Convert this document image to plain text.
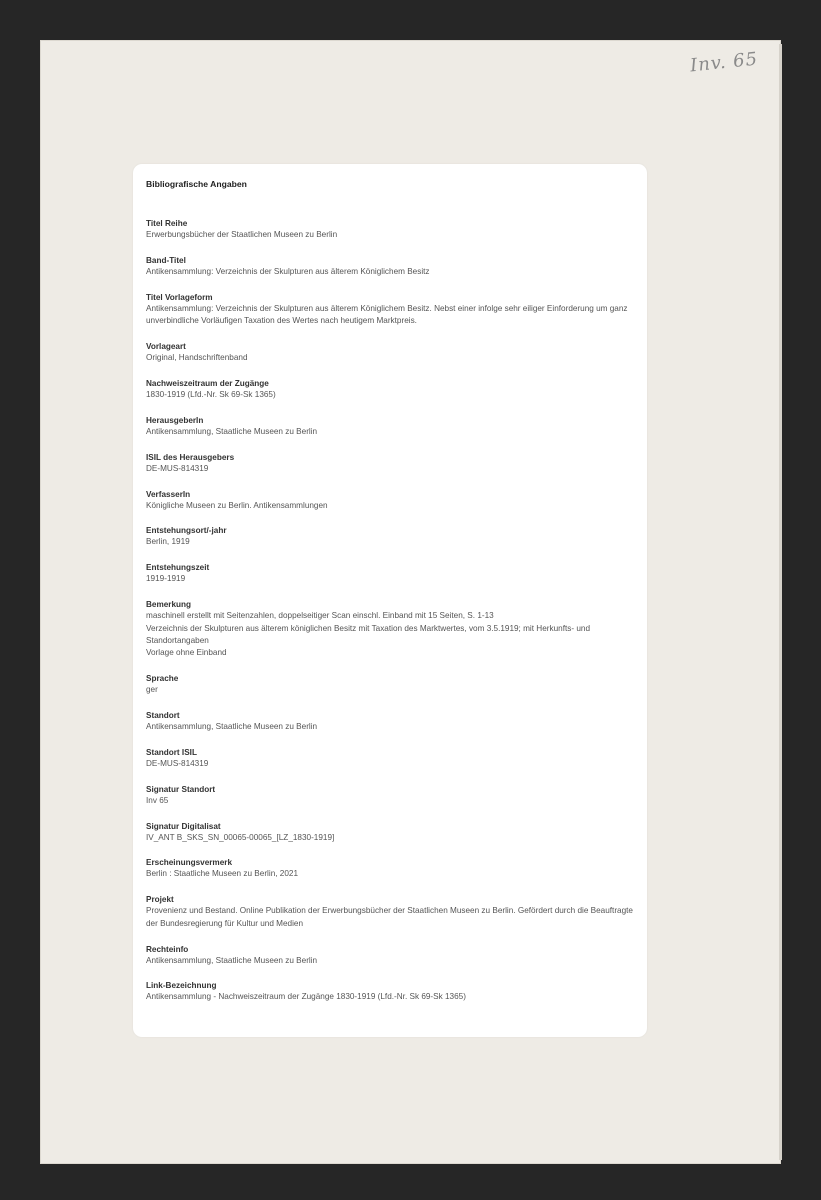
Inv. 65
Bibliografische Angaben
Titel Reihe
Erwerbungsbücher der Staatlichen Museen zu Berlin
Band-Titel
Antikensammlung: Verzeichnis der Skulpturen aus älterem Königlichem Besitz
Titel Vorlageform
Antikensammlung: Verzeichnis der Skulpturen aus älterem Königlichem Besitz. Nebst einer infolge sehr eiliger Einforderung um ganz unverbindliche Vorläufigen Taxation des Wertes nach heutigem Marktpreis.
Vorlageart
Original, Handschriftenband
Nachweiszeitraum der Zugänge
1830-1919 (Lfd.-Nr. Sk 69-Sk 1365)
HerausgeberIn
Antikensammlung, Staatliche Museen zu Berlin
ISIL des Herausgebers
DE-MUS-814319
VerfasserIn
Königliche Museen zu Berlin. Antikensammlungen
Entstehungsort/-jahr
Berlin, 1919
Entstehungszeit
1919-1919
Bemerkung
maschinell erstellt mit Seitenzahlen, doppelseitiger Scan einschl. Einband mit 15 Seiten, S. 1-13
Verzeichnis der Skulpturen aus älterem königlichen Besitz mit Taxation des Marktwertes, vom 3.5.1919; mit Herkunfts- und Standortangaben
Vorlage ohne Einband
Sprache
ger
Standort
Antikensammlung, Staatliche Museen zu Berlin
Standort ISIL
DE-MUS-814319
Signatur Standort
Inv 65
Signatur Digitalisat
IV_ANT B_SKS_SN_00065-00065_[LZ_1830-1919]
Erscheinungsvermerk
Berlin : Staatliche Museen zu Berlin, 2021
Projekt
Provenienz und Bestand. Online Publikation der Erwerbungsbücher der Staatlichen Museen zu Berlin. Gefördert durch die Beauftragte der Bundesregierung für Kultur und Medien
Rechteinfo
Antikensammlung, Staatliche Museen zu Berlin
Link-Bezeichnung
Antikensammlung - Nachweiszeitraum der Zugänge 1830-1919 (Lfd.-Nr. Sk 69-Sk 1365)
